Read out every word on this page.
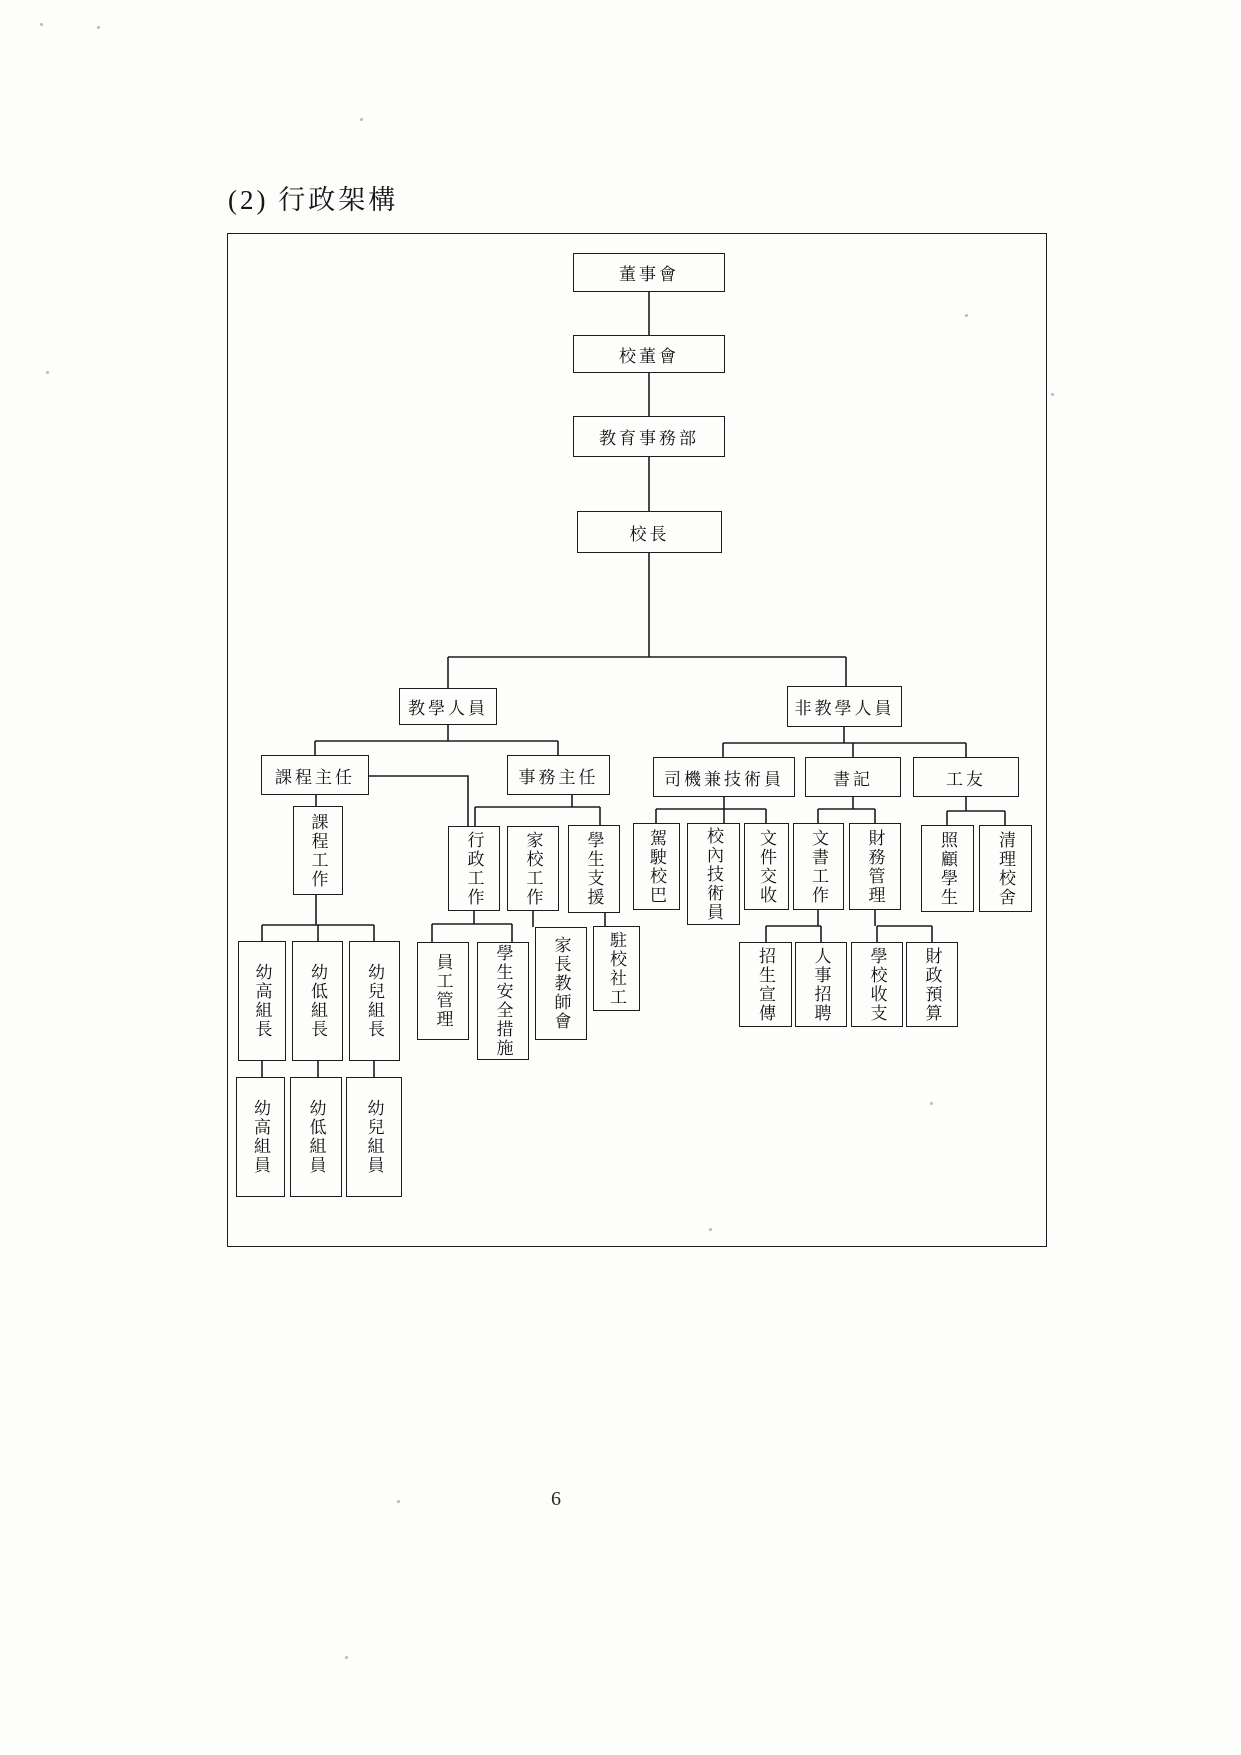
(2) 行政架構
董事會
校董會
教育事務部
校長
教學人員	非教學人員
課程主任	事務主任	司機兼技術員	書記	工友
課程工作	行政工作 家校工作 學生支援
幼高組長 幼低組長 幼兒組長
幼高組員 幼低組員 幼兒組員
員工管理 學生安全措施 家長教師會 駐校社工
駕駛校巴 校內技術員 文件交收 文書工作 財務管理
招生宣傳 人事招聘 學校收支 財政預算
照顧學生 清理校舍
6
